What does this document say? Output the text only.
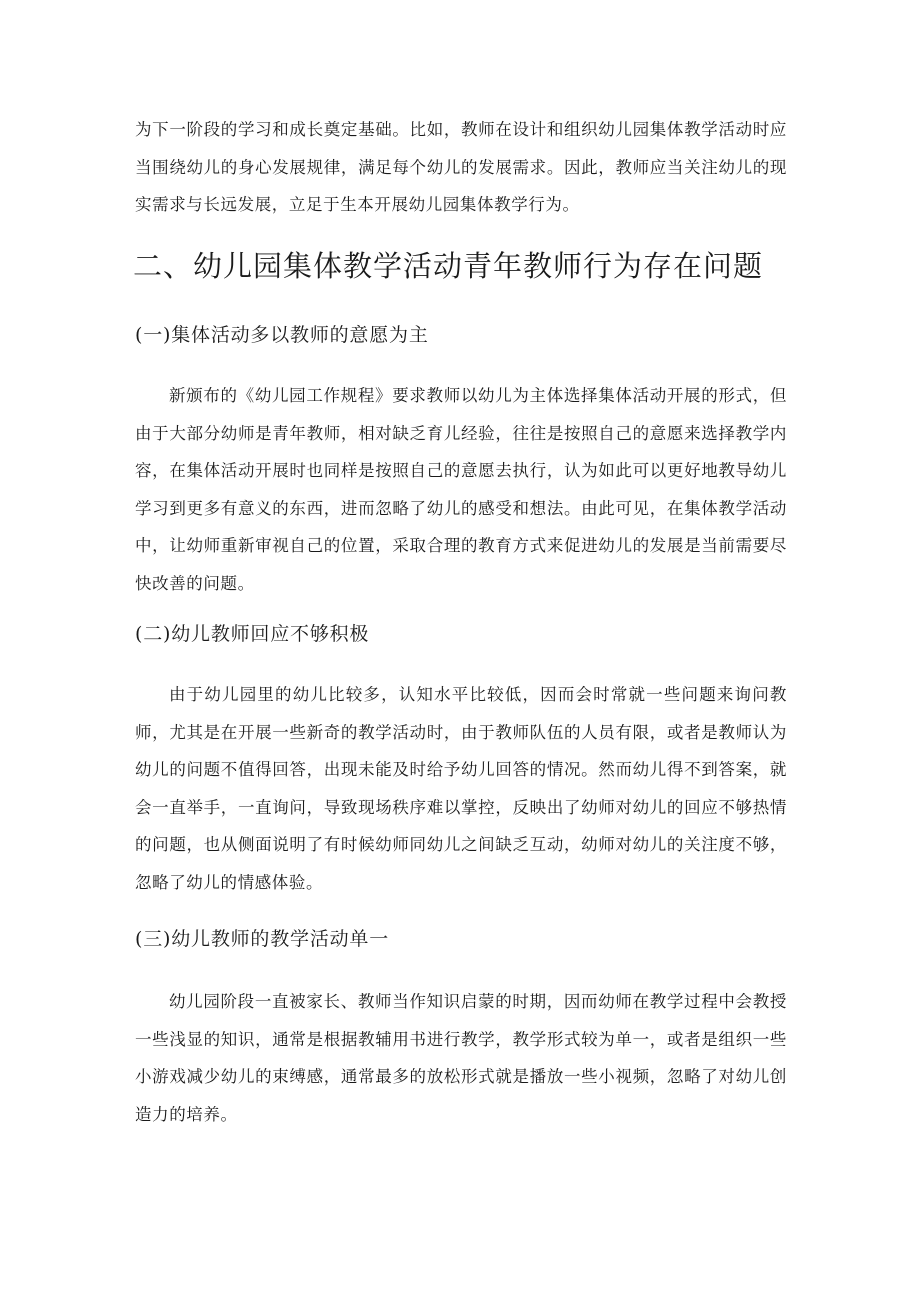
为下一阶段的学习和成长奠定基础。比如，教师在设计和组织幼儿园集体教学活动时应当围绕幼儿的身心发展规律，满足每个幼儿的发展需求。因此，教师应当关注幼儿的现实需求与长远发展，立足于生本开展幼儿园集体教学行为。

二、幼儿园集体教学活动青年教师行为存在问题
(一)集体活动多以教师的意愿为主

新颁布的《幼儿园工作规程》要求教师以幼儿为主体选择集体活动开展的形式，但由于大部分幼师是青年教师，相对缺乏育儿经验，往往是按照自己的意愿来选择教学内容，在集体活动开展时也同样是按照自己的意愿去执行，认为如此可以更好地教导幼儿学习到更多有意义的东西，进而忽略了幼儿的感受和想法。由此可见，在集体教学活动中，让幼师重新审视自己的位置，采取合理的教育方式来促进幼儿的发展是当前需要尽快改善的问题。

(二)幼儿教师回应不够积极

由于幼儿园里的幼儿比较多，认知水平比较低，因而会时常就一些问题来询问教师，尤其是在开展一些新奇的教学活动时，由于教师队伍的人员有限，或者是教师认为幼儿的问题不值得回答，出现未能及时给予幼儿回答的情况。然而幼儿得不到答案，就会一直举手，一直询问，导致现场秩序难以掌控，反映出了幼师对幼儿的回应不够热情的问题，也从侧面说明了有时候幼师同幼儿之间缺乏互动，幼师对幼儿的关注度不够，忽略了幼儿的情感体验。

(三)幼儿教师的教学活动单一

幼儿园阶段一直被家长、教师当作知识启蒙的时期，因而幼师在教学过程中会教授一些浅显的知识，通常是根据教辅用书进行教学，教学形式较为单一，或者是组织一些小游戏减少幼儿的束缚感，通常最多的放松形式就是播放一些小视频，忽略了对幼儿创造力的培养。
